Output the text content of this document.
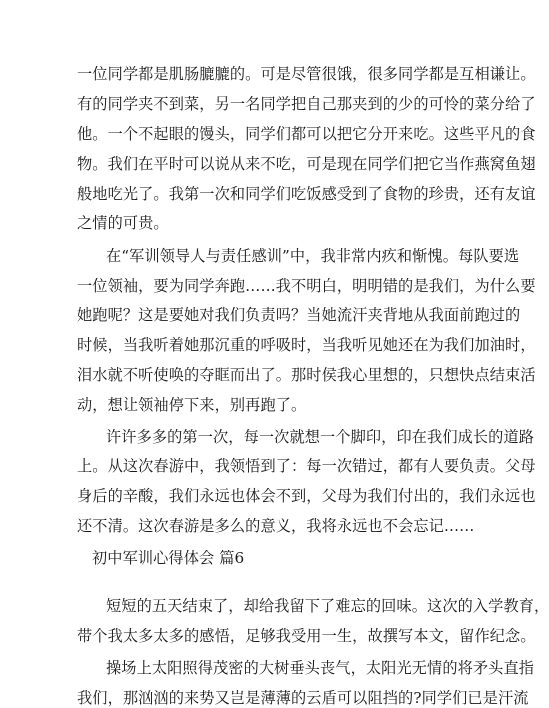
一位同学都是肌肠膔膔的。可是尽管很饿，很多同学都是互相谦让。
有的同学夹不到菜，另一名同学把自己那夹到的少的可怜的菜分给了
他。一个不起眼的馒头，同学们都可以把它分开来吃。这些平凡的食
物。我们在平时可以说从来不吃，可是现在同学们把它当作燕窝鱼翅
般地吃光了。我第一次和同学们吃饭感受到了食物的珍贵，还有友谊
之情的可贵。
在“军训领导人与责任感训”中，我非常内疚和惭愧。每队要选
一位领袖，要为同学奔跑……我不明白，明明错的是我们，为什么要
她跑呢？这是要她对我们负责吗？当她流汗夹背地从我面前跑过的
时候，当我听着她那沉重的呼吸时，当我听见她还在为我们加油时，
泪水就不听使唤的夺眶而出了。那时侯我心里想的，只想快点结束活
动，想让领袖停下来，别再跑了。
许许多多的第一次，每一次就想一个脚印，印在我们成长的道路
上。从这次春游中，我领悟到了：每一次错过，都有人要负责。父母
身后的辛酸，我们永远也体会不到，父母为我们付出的，我们永远也
还不清。这次春游是多么的意义，我将永远也不会忘记……
初中军训心得体会 篇6
短短的五天结束了，却给我留下了难忘的回味。这次的入学教育，
带个我太多太多的感悟，足够我受用一生，故撰写本文，留作纪念。
操场上太阳照得茂密的大树垂头丧气，太阳光无情的将矛头直指
我们，那汹汹的来势又岂是薄薄的云盾可以阻挡的?同学们已是汗流
